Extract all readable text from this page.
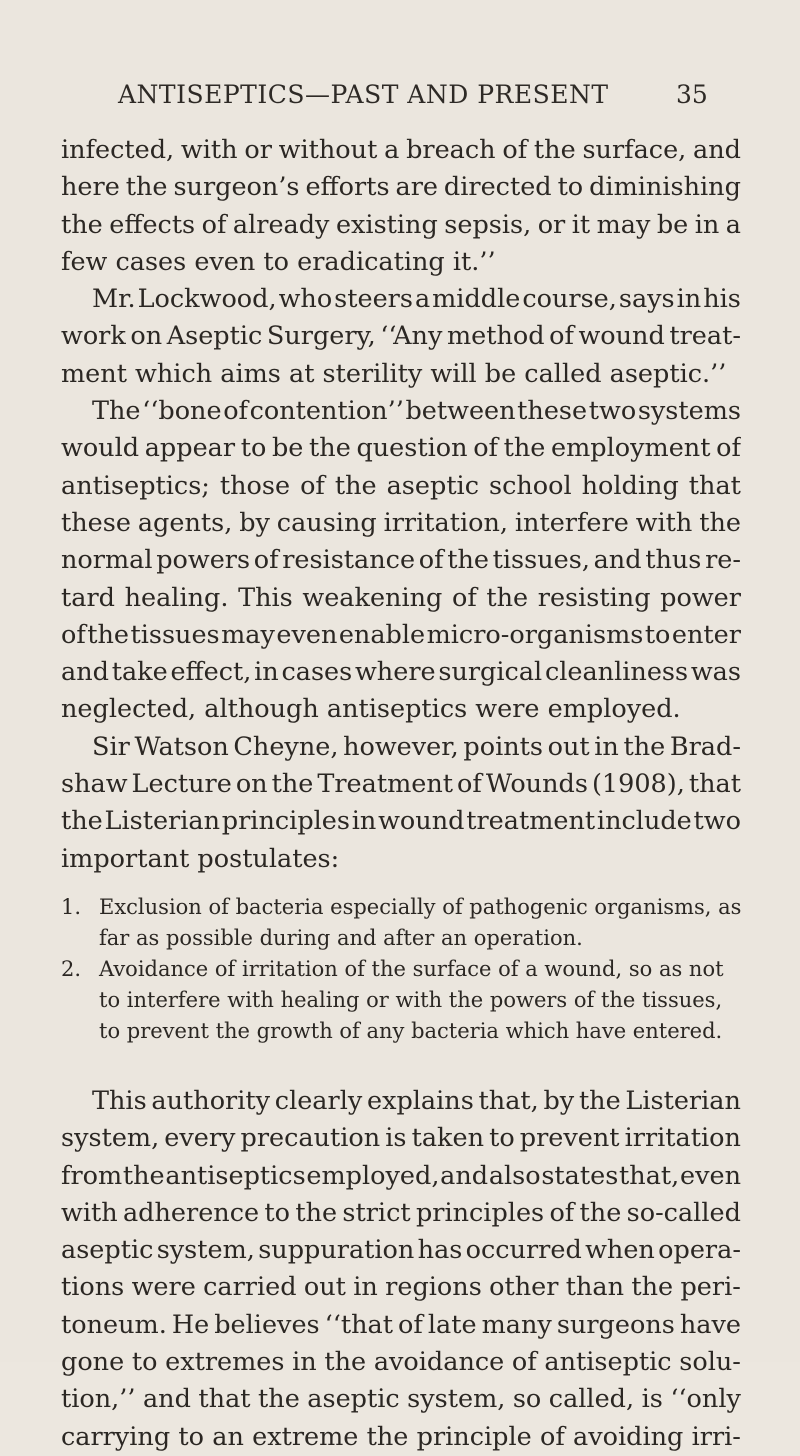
ANTISEPTICS—PAST AND PRESENT	35

infected, with or without a breach of the surface, and
here the surgeon’s efforts are directed to diminishing
the effects of already existing sepsis, or it may be in a
few cases even to eradicating it.’’

Mr. Lockwood, who steers a middle course, says in his
work on Aseptic Surgery, ‘‘Any method of wound treat-
ment which aims at sterility will be called aseptic.’’

The ‘‘bone of contention’’ between these two systems
would appear to be the question of the employment of
antiseptics; those of the aseptic school holding that
these agents, by causing irritation, interfere with the
normal powers of resistance of the tissues, and thus re-
tard healing. This weakening of the resisting power
of the tissues may even enable micro-organisms to enter
and take effect, in cases where surgical cleanliness was
neglected, although antiseptics were employed.

Sir Watson Cheyne, however, points out in the Brad-
shaw Lecture on the Treatment of Wounds (1908), that
the Listerian principles in wound treatment include two
important postulates:

1. Exclusion of bacteria especially of pathogenic organisms, as
far as possible during and after an operation.
2. Avoidance of irritation of the surface of a wound, so as not
to interfere with healing or with the powers of the tissues,
to prevent the growth of any bacteria which have entered.

This authority clearly explains that, by the Listerian
system, every precaution is taken to prevent irritation
from the antiseptics employed, and also states that, even
with adherence to the strict principles of the so-called
aseptic system, suppuration has occurred when opera-
tions were carried out in regions other than the peri-
toneum. He believes ‘‘that of late many surgeons have
gone to extremes in the avoidance of antiseptic solu-
tion,’’ and that the aseptic system, so called, is ‘‘only
carrying to an extreme the principle of avoiding irri-
